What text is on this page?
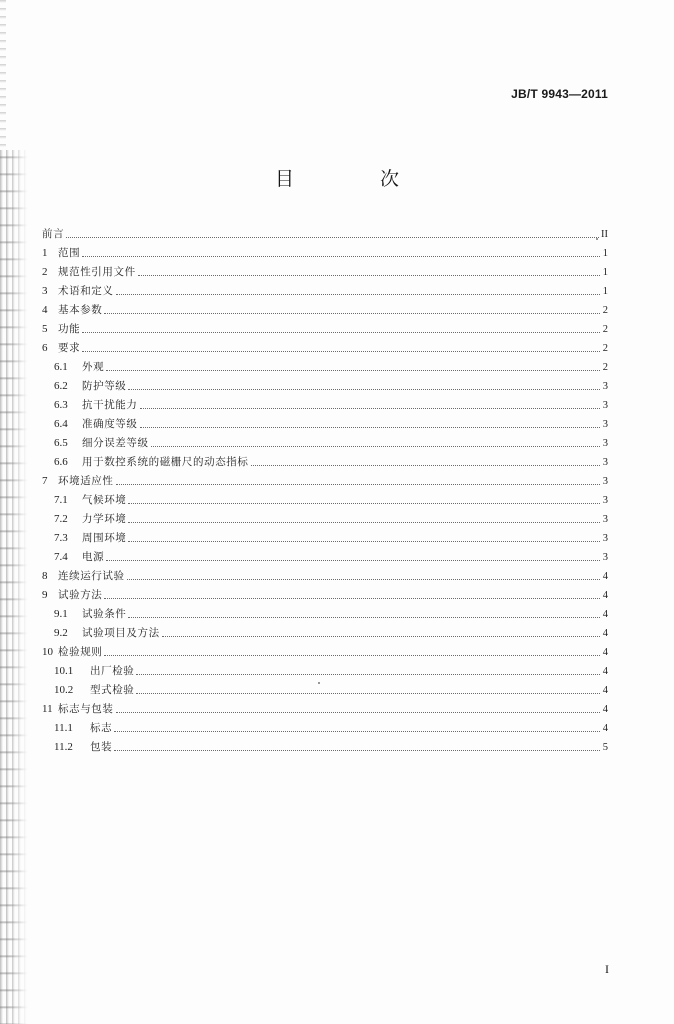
JB/T 9943—2011
目 次
前言	II
1	范围	1
2	规范性引用文件	1
3	术语和定义	1
4	基本参数	2
5	功能	2
6	要求	2
6.1	外观	2
6.2	防护等级	3
6.3	抗干扰能力	3
6.4	准确度等级	3
6.5	细分误差等级	3
6.6	用于数控系统的磁栅尺的动态指标	3
7	环境适应性	3
7.1	气候环境	3
7.2	力学环境	3
7.3	周围环境	3
7.4	电源	3
8	连续运行试验	4
9	试验方法	4
9.1	试验条件	4
9.2	试验项目及方法	4
10 检验规则	4
10.1	出厂检验	4
10.2	型式检验	4
11 标志与包装	4
11.1	标志	4
11.2	包装	5
I
